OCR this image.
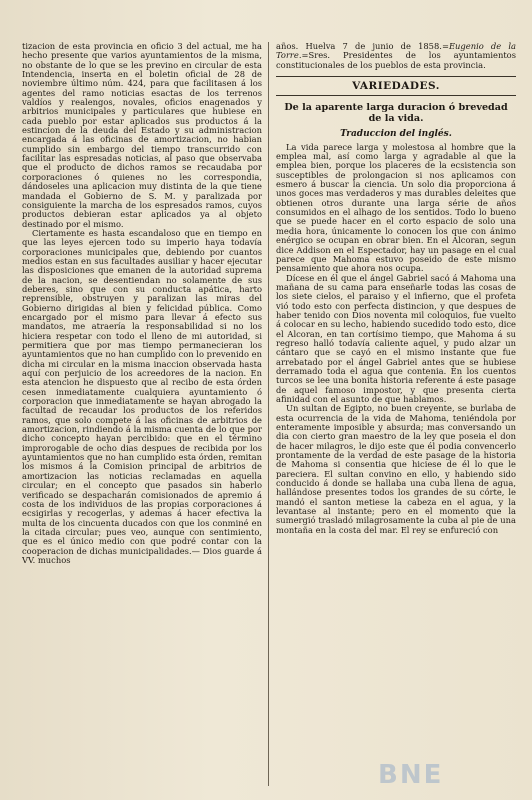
tizacion de esta provincia en oficio 3 del actual, me ha hecho presente que varios ayuntamientos de la misma, no obstante de lo que se les previno en circular de esta Intendencia, inserta en el boletin oficial de 28 de noviembre último núm. 424, para que facilitasen á los agentes del ramo noticias esactas de los terrenos valdíos y realengos, novales, oficios enagenados y arbitrios municipales y particulares que hubiese en cada pueblo por estar aplicados sus productos á la estincion de la deuda del Estado y su administracion encargada á las oficinas de amortizacion, no habian cumplido sin embargo del tiempo transcurrido con facilitar las espresadas noticias, al paso que observaba que el producto de dichos ramos se recaudaba por corporaciones ó quienes no les correspondia, dándoseles una aplicacion muy distinta de la que tiene mandada el Gobierno de S. M. y paralizada por consiguiente la marcha de los espresados ramos, cuyos productos debieran estar aplicados ya al objeto destinado por el mismo.

Ciertamente es hasta escandaloso que en tiempo en que las leyes ejercen todo su imperio haya todavía corporaciones municipales que, debiendo por cuantos medios estan en sus facultades ausiliar y hacer ejecutar las disposiciones que emanen de la autoridad suprema de la nacion, se desentiendan no solamente de sus deberes, sino que con su conducta apática, harto reprensible, obstruyen y paralizan las miras del Gobierno dirigidas al bien y felicidad pública. Como encargado por el mismo para llevar á efecto sus mandatos, me atraería la responsabilidad si no los hiciera respetar con todo el lleno de mi autoridad, si permitiera que por mas tiempo permanecieran los ayuntamientos que no han cumplido con lo prevenido en dicha mi circular en la misma inaccion observada hasta aquí con perjuicio de los acreedores de la nacion. En esta atencion he dispuesto que al recibo de esta órden cesen inmediatamente cualquiera ayuntamiento ó corporacion que inmediatamente se hayan abrogado la facultad de recaudar los productos de los referidos ramos, que solo compete á las oficinas de arbitrios de amortizacion, rindiendo á la misma cuenta de lo que por dicho concepto hayan percibido: que en el término improrogable de ocho dias despues de recibida por los ayuntamientos que no han cumplido esta órden, remitan los mismos á la Comision principal de arbitrios de amortizacion las noticias reclamadas en aquella circular; en el concepto que pasados sin haberlo verificado se despacharán comisionados de apremio á costa de los individuos de las propias corporaciones á ecsigirlas y recogerlas, y ademas á hacer efectiva la multa de los cincuenta ducados con que los conminé en la citada circular; pues veo, aunque con sentimiento, que es el único medio con que podré contar con la cooperacion de dichas municipalidades.— Dios guarde á VV. muchos

años. Huelva 7 de junio de 1858.=Eugenio de la Torre.=Sres. Presidentes de los ayuntamientos constitucionales de los pueblos de esta provincia.

VARIEDADES.
De la aparente larga duracion ó brevedad de la vida.
Traduccion del inglés.

La vida parece larga y molestosa al hombre que la emplea mal, así como larga y agradable al que la emplea bien, porque los placeres de la ecsistencia son susceptibles de prolongacion si nos aplicamos con esmero á buscar la ciencia. Un solo dia proporciona á unos goces mas verdaderos y mas durables deleites que obtienen otros durante una larga série de años consumidos en el alhago de los sentidos. Todo lo bueno que se puede hacer en el corto espacio de solo una media hora, únicamente lo conocen los que con ánimo enérgico se ocupan en obrar bien. En el Alcoran, segun dice Addison en el Espectador, hay un pasage en el cual parece que Mahoma estuvo poseido de este mismo pensamiento que ahora nos ocupa.

Dícese en él que el ángel Gabriel sacó á Mahoma una mañana de su cama para enseñarle todas las cosas de los siete cielos, el paraiso y el infierno, que el profeta vió todo esto con perfecta distincion, y que despues de haber tenido con Dios noventa mil coloquios, fue vuelto á colocar en su lecho, habiendo sucedido todo esto, dice el Alcoran, en tan cortísimo tiempo, que Mahoma á su regreso halló todavía caliente aquel, y pudo alzar un cántaro que se cayó en el mismo instante que fue arrebatado por el ángel Gabriel antes que se hubiese derramado toda el agua que contenia. En los cuentos turcos se lee una bonita historia referente á este pasage de aquel famoso impostor, y que presenta cierta afinidad con el asunto de que hablamos.

Un sultan de Egipto, no buen creyente, se burlaba de esta ocurrencia de la vida de Mahoma, teniéndola por enteramente imposible y absurda; mas conversando un dia con cierto gran maestro de la ley que poseia el don de hacer milagros, le dijo este que él podia convencerlo prontamente de la verdad de este pasage de la historia de Mahoma si consentia que hiciese de él lo que le pareciera. El sultan convino en ello, y habiendo sido conducido á donde se hallaba una cuba llena de agua, hallándose presentes todos los grandes de su córte, le mandó el santon metiese la cabeza en el agua, y la levantase al instante; pero en el momento que la sumergió trasladó milagrosamente la cuba al pie de una montaña en la costa del mar. El rey se enfureció con

BNE
